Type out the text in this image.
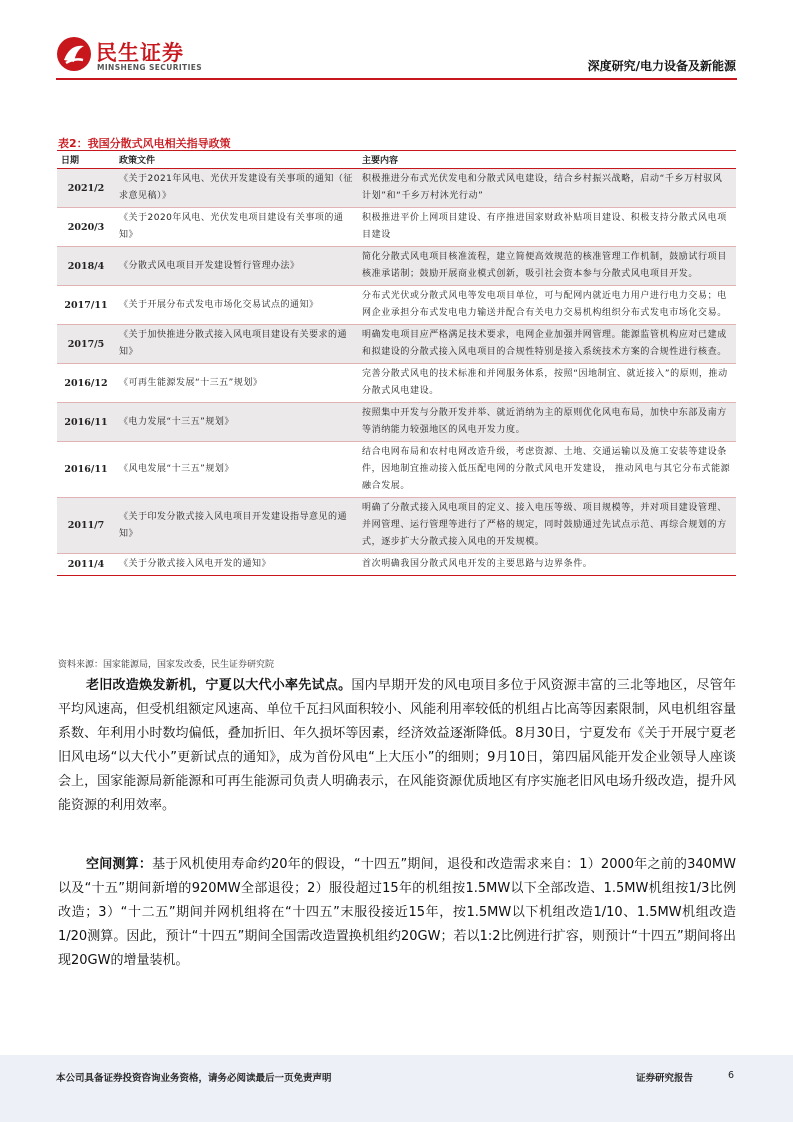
民生证券
MINSHENG SECURITIES	深度研究/电力设备及新能源
表2：我国分散式风电相关指导政策
日期	政策文件	主要内容
2021/2	《关于2021年风电、光伏开发建设有关事项的通知（征求意见稿）》	积极推进分布式光伏发电和分散式风电建设，结合乡村振兴战略，启动“千乡万村驭风计划”和“千乡万村沐光行动”
2020/3	《关于2020年风电、光伏发电项目建设有关事项的通知》	积极推进平价上网项目建设、有序推进国家财政补贴项目建设、积极支持分散式风电项目建设
2018/4	《分散式风电项目开发建设暂行管理办法》	简化分散式风电项目核准流程，建立简便高效规范的核准管理工作机制，鼓励试行项目核准承诺制；鼓励开展商业模式创新，吸引社会资本参与分散式风电项目开发。
2017/11	《关于开展分布式发电市场化交易试点的通知》	分布式光伏或分散式风电等发电项目单位，可与配网内就近电力用户进行电力交易；电网企业承担分布式发电电力输送并配合有关电力交易机构组织分布式发电市场化交易。
2017/5	《关于加快推进分散式接入风电项目建设有关要求的通知》	明确发电项目应严格满足技术要求，电网企业加强并网管理。能源监管机构应对已建成和拟建设的分散式接入风电项目的合规性特别是接入系统技术方案的合规性进行核查。
2016/12	《可再生能源发展“十三五”规划》	完善分散式风电的技术标准和并网服务体系，按照“因地制宜、就近接入”的原则，推动分散式风电建设。
2016/11	《电力发展“十三五”规划》	按照集中开发与分散开发并举、就近消纳为主的原则优化风电布局，加快中东部及南方等消纳能力较强地区的风电开发力度。
2016/11	《风电发展“十三五”规划》	结合电网布局和农村电网改造升级，考虑资源、土地、交通运输以及施工安装等建设条件，因地制宜推动接入低压配电网的分散式风电开发建设， 推动风电与其它分布式能源融合发展。
2011/7	《关于印发分散式接入风电项目开发建设指导意见的通知》	明确了分散式接入风电项目的定义、接入电压等级、项目规模等，并对项目建设管理、并网管理、运行管理等进行了严格的规定，同时鼓励通过先试点示范、再综合规划的方式，逐步扩大分散式接入风电的开发规模。
2011/4	《关于分散式接入风电开发的通知》	首次明确我国分散式风电开发的主要思路与边界条件。
资料来源：国家能源局，国家发改委，民生证券研究院
老旧改造焕发新机，宁夏以大代小率先试点。国内早期开发的风电项目多位于风资源丰富的三北等地区，尽管年平均风速高，但受机组额定风速高、单位千瓦扫风面积较小、风能利用率较低的机组占比高等因素限制，风电机组容量系数、年利用小时数均偏低，叠加折旧、年久损坏等因素，经济效益逐渐降低。8月30日，宁夏发布《关于开展宁夏老旧风电场“以大代小”更新试点的通知》，成为首份风电“上大压小”的细则；9月10日，第四届风能开发企业领导人座谈会上，国家能源局新能源和可再生能源司负责人明确表示，在风能资源优质地区有序实施老旧风电场升级改造，提升风能资源的利用效率。
空间测算：基于风机使用寿命约20年的假设，“十四五”期间，退役和改造需求来自：1）2000年之前的340MW以及“十五”期间新增的920MW全部退役；2）服役超过15年的机组按1.5MW以下全部改造、1.5MW机组按1/3比例改造；3）“十二五”期间并网机组将在“十四五”末服役接近15年，按1.5MW以下机组改造1/10、1.5MW机组改造1/20测算。因此，预计“十四五”期间全国需改造置换机组约20GW；若以1:2比例进行扩容，则预计“十四五”期间将出现20GW的增量装机。
本公司具备证券投资咨询业务资格，请务必阅读最后一页免责声明	证券研究报告	6
